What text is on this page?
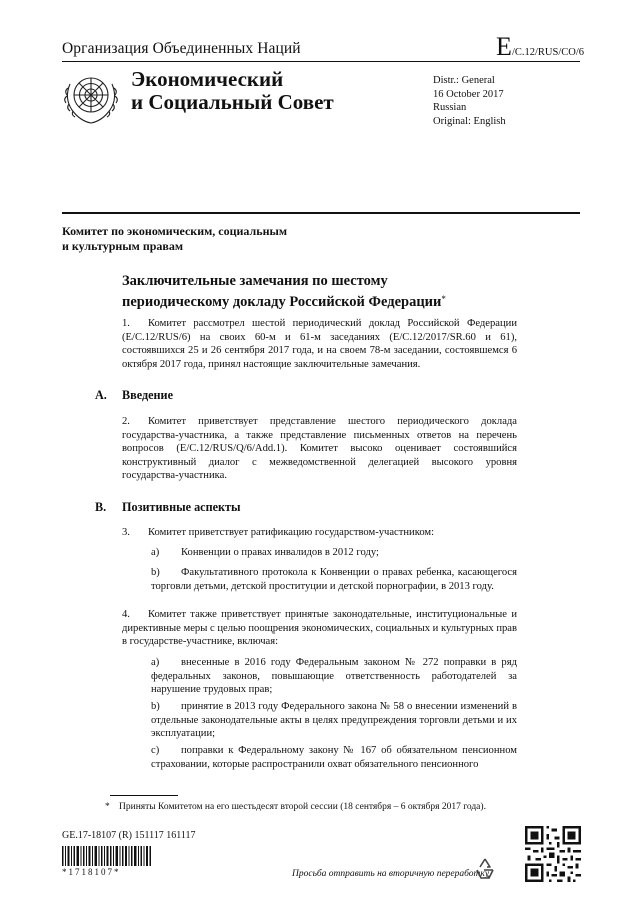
Организация Объединенных Наций	E/C.12/RUS/CO/6
Экономический
и Социальный Совет
Distr.: General
16 October 2017
Russian
Original: English
Комитет по экономическим, социальным
и культурным правам
Заключительные замечания по шестому
периодическому докладу Российской Федерации*
1. Комитет рассмотрел шестой периодический доклад Российской Федерации (E/C.12/RUS/6) на своих 60-м и 61-м заседаниях (E/C.12/2017/SR.60 и 61), состоявшихся 25 и 26 сентября 2017 года, и на своем 78-м заседании, состоявшемся 6 октября 2017 года, принял настоящие заключительные замечания.
A. Введение
2. Комитет приветствует представление шестого периодического доклада государства-участника, а также представление письменных ответов на перечень вопросов (E/C.12/RUS/Q/6/Add.1). Комитет высоко оценивает состоявшийся конструктивный диалог с межведомственной делегацией высокого уровня государства-участника.
B. Позитивные аспекты
3. Комитет приветствует ратификацию государством-участником:
a) Конвенции о правах инвалидов в 2012 году;
b) Факультативного протокола к Конвенции о правах ребенка, касающегося торговли детьми, детской проституции и детской порнографии, в 2013 году.
4. Комитет также приветствует принятые законодательные, институциональные и директивные меры с целью поощрения экономических, социальных и культурных прав в государстве-участнике, включая:
a) внесенные в 2016 году Федеральным законом № 272 поправки в ряд федеральных законов, повышающие ответственность работодателей за нарушение трудовых прав;
b) принятие в 2013 году Федерального закона № 58 о внесении изменений в отдельные законодательные акты в целях предупреждения торговли детьми и их эксплуатации;
c) поправки к Федеральному закону № 167 об обязательном пенсионном страховании, которые распространили охват обязательного пенсионного
* Приняты Комитетом на его шестьдесят второй сессии (18 сентября – 6 октября 2017 года).
GE.17-18107 (R) 151117 161117
*1718107*	Просьба отправить на вторичную переработку
